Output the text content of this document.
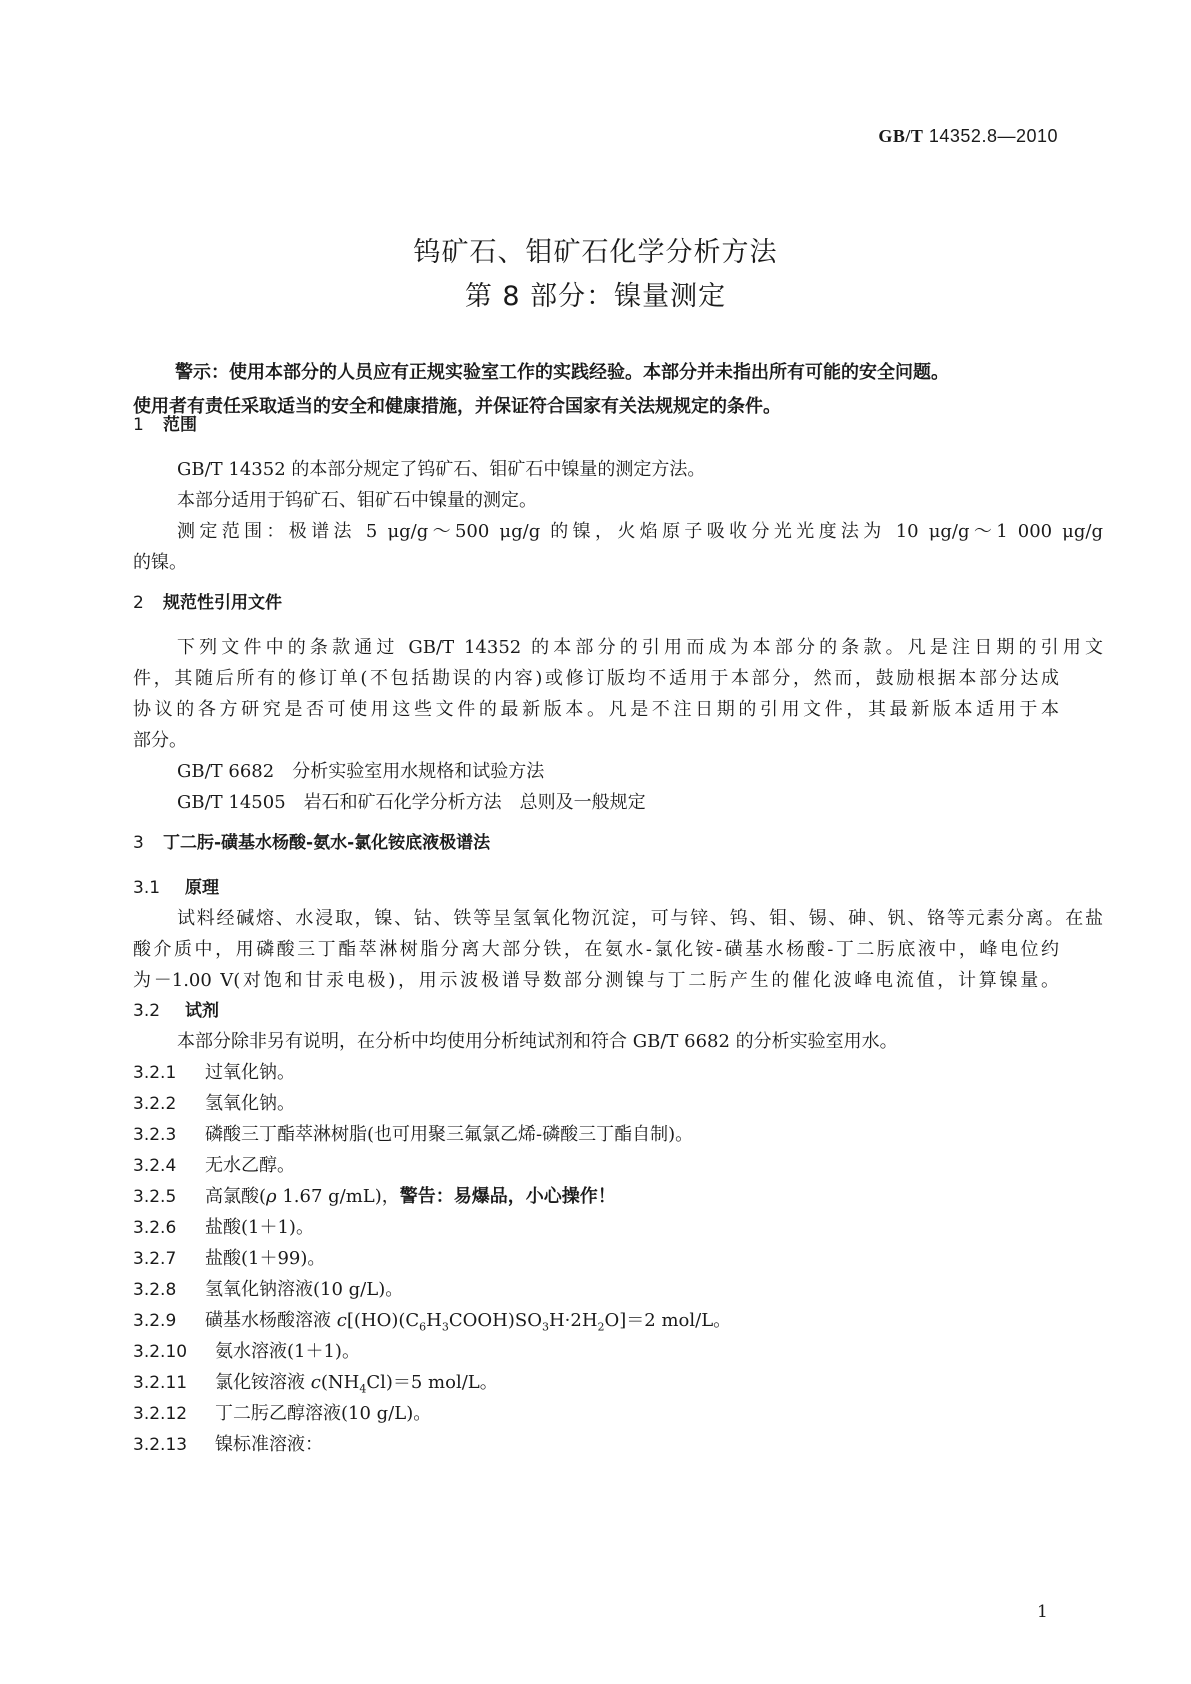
GB/T 14352.8—2010
钨矿石、钼矿石化学分析方法
第 8 部分：镍量测定
警示：使用本部分的人员应有正规实验室工作的实践经验。本部分并未指出所有可能的安全问题。
使用者有责任采取适当的安全和健康措施，并保证符合国家有关法规规定的条件。
1 范围
GB/T 14352 的本部分规定了钨矿石、钼矿石中镍量的测定方法。
本部分适用于钨矿石、钼矿石中镍量的测定。
测定范围：极谱法 5 μg/g～500 μg/g 的镍，火焰原子吸收分光光度法为 10 μg/g～1 000 μg/g
的镍。
2 规范性引用文件
下列文件中的条款通过 GB/T 14352 的本部分的引用而成为本部分的条款。凡是注日期的引用文
件，其随后所有的修订单(不包括勘误的内容)或修订版均不适用于本部分，然而，鼓励根据本部分达成
协议的各方研究是否可使用这些文件的最新版本。凡是不注日期的引用文件，其最新版本适用于本
部分。
GB/T 6682　 分析实验室用水规格和试验方法
GB/T 14505　 岩石和矿石化学分析方法　总则及一般规定
3 丁二肟-磺基水杨酸-氨水-氯化铵底液极谱法
3.1 原理
试料经碱熔、水浸取，镍、钴、铁等呈氢氧化物沉淀，可与锌、钨、钼、锡、砷、钒、铬等元素分离。在盐
酸介质中，用磷酸三丁酯萃淋树脂分离大部分铁，在氨水-氯化铵-磺基水杨酸-丁二肟底液中，峰电位约
为－1.00 V(对饱和甘汞电极)，用示波极谱导数部分测镍与丁二肟产生的催化波峰电流值，计算镍量。
3.2 试剂
本部分除非另有说明，在分析中均使用分析纯试剂和符合 GB/T 6682 的分析实验室用水。
3.2.1 过氧化钠。
3.2.2 氢氧化钠。
3.2.3 磷酸三丁酯萃淋树脂(也可用聚三氟氯乙烯-磷酸三丁酯自制)。
3.2.4 无水乙醇。
3.2.5 高氯酸(ρ 1.67 g/mL)，警告：易爆品，小心操作！
3.2.6 盐酸(1＋1)。
3.2.7 盐酸(1＋99)。
3.2.8 氢氧化钠溶液(10 g/L)。
3.2.9 磺基水杨酸溶液 $c[(HO)(C_6H_3COOH)SO_3H\cdot 2H_2O]=2$ mol/L。
3.2.10 氨水溶液(1＋1)。
3.2.11 氯化铵溶液 $c(NH_4Cl)=5$ mol/L。
3.2.12 丁二肟乙醇溶液(10 g/L)。
3.2.13 镍标准溶液：
1
